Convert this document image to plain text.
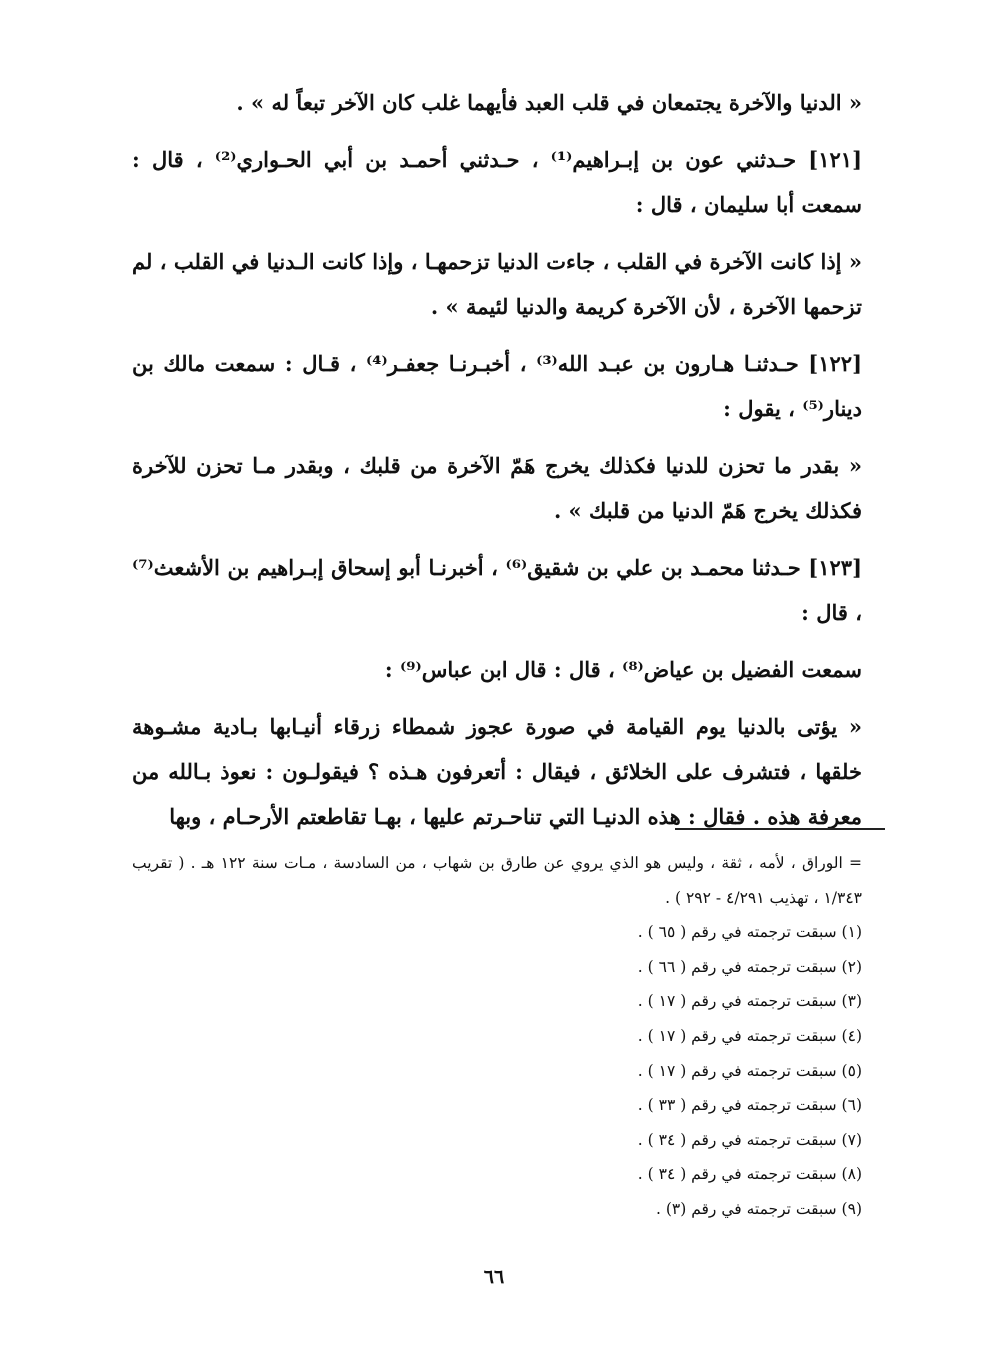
« الدنيا والآخرة يجتمعان في قلب العبد فأيهما غلب كان الآخر تبعاً له » .

[١٢١] حـدثني عون بن إبـراهيم⁽¹⁾ ، حـدثني أحمـد بن أبي الحـواري⁽²⁾ ، قال : سمعت أبا سليمان ، قال :

« إذا كانت الآخرة في القلب ، جاءت الدنيا تزحمهـا ، وإذا كانت الـدنيا في القلب ، لم تزحمها الآخرة ، لأن الآخرة كريمة والدنيا لئيمة » .

[١٢٢] حـدثنـا هـارون بن عبـد الله⁽³⁾ ، أخبـرنـا جعفـر⁽⁴⁾ ، قـال : سمعت مالك بن دينار⁽⁵⁾ ، يقول :

« بقدر ما تحزن للدنيا فكذلك يخرج هَمّ الآخرة من قلبك ، وبقدر مـا تحزن للآخرة فكذلك يخرج هَمّ الدنيا من قلبك » .

[١٢٣] حـدثنا محمـد بن علي بن شقيق⁽⁶⁾ ، أخبرنـا أبو إسحاق إبـراهيم بن الأشعث⁽⁷⁾ ، قال :

سمعت الفضيل بن عياض⁽⁸⁾ ، قال : قال ابن عباس⁽⁹⁾ :

« يؤتى بالدنيا يوم القيامة في صورة عجوز شمطاء زرقاء أنيـابها بـادية مشـوهة خلقها ، فتشرف على الخلائق ، فيقال : أتعرفون هـذه ؟ فيقولـون : نعوذ بـالله من معرفة هذه . فقال : هذه الدنيـا التي تناحـرتم عليها ، بهـا تقاطعتم الأرحـام ، وبها

= الوراق ، لأمه ، ثقة ، وليس هو الذي يروي عن طارق بن شهاب ، من السادسة ، مـات سنة ١٢٢ هـ . ( تقريب ١/٣٤٣ ، تهذيب ٤/٢٩١ - ٢٩٢ ) .

(١) سبقت ترجمته في رقم ( ٦٥ ) .

(٢) سبقت ترجمته في رقم ( ٦٦ ) .

(٣) سبقت ترجمته في رقم ( ١٧ ) .

(٤) سبقت ترجمته في رقم ( ١٧ ) .

(٥) سبقت ترجمته في رقم ( ١٧ ) .

(٦) سبقت ترجمته في رقم ( ٣٣ ) .

(٧) سبقت ترجمته في رقم ( ٣٤ ) .

(٨) سبقت ترجمته في رقم ( ٣٤ ) .

(٩) سبقت ترجمته في رقم (٣) .

٦٦
